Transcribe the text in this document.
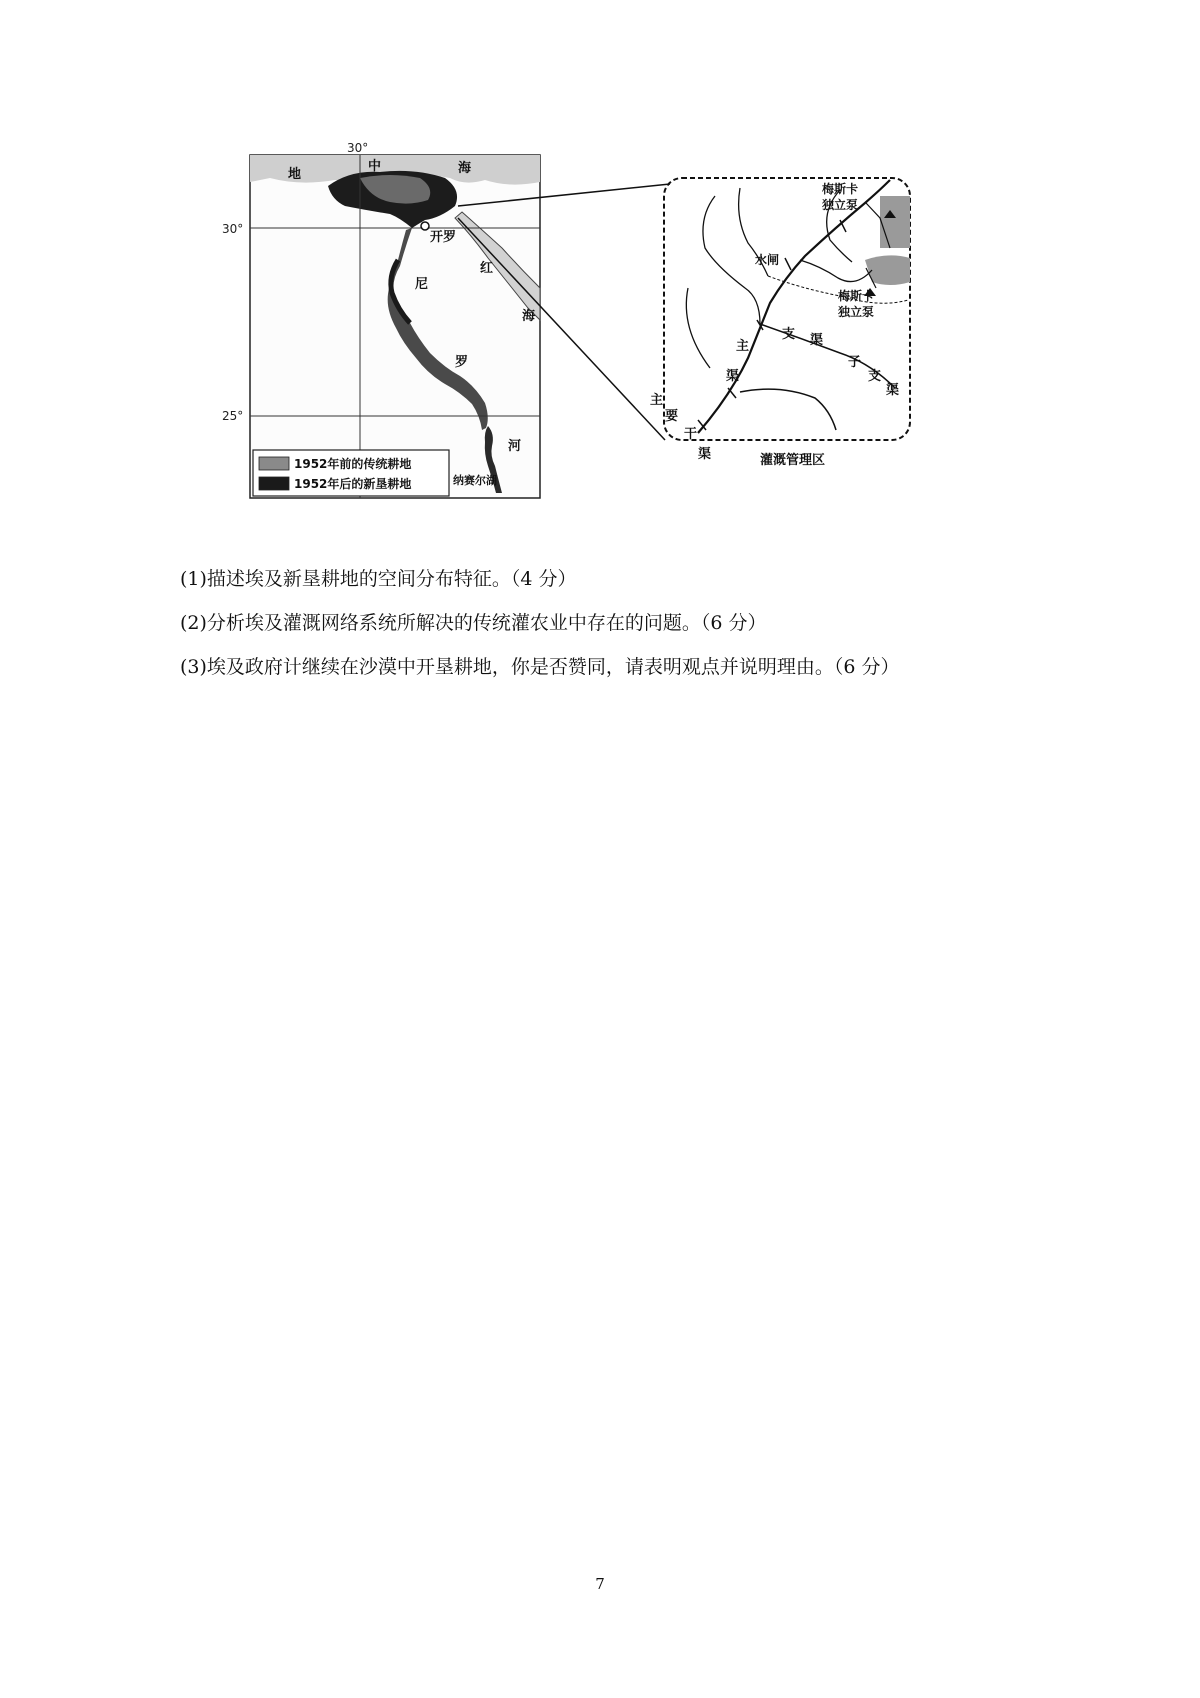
30°
30°
25°
地
中	海
开罗
尼
罗
河
红
海
纳赛尔湖
1952年前的传统耕地
1952年后的新垦耕地
梅斯卡
独立泵
梅斯卡
独立泵
水闸
支 渠
主
渠
子
支
渠
主
要
干
渠	灌溉管理区

(1)描述埃及新垦耕地的空间分布特征。（4 分）

(2)分析埃及灌溉网络系统所解决的传统灌农业中存在的问题。（6 分）

(3)埃及政府计继续在沙漠中开垦耕地，你是否赞同，请表明观点并说明理由。（6 分）

7
